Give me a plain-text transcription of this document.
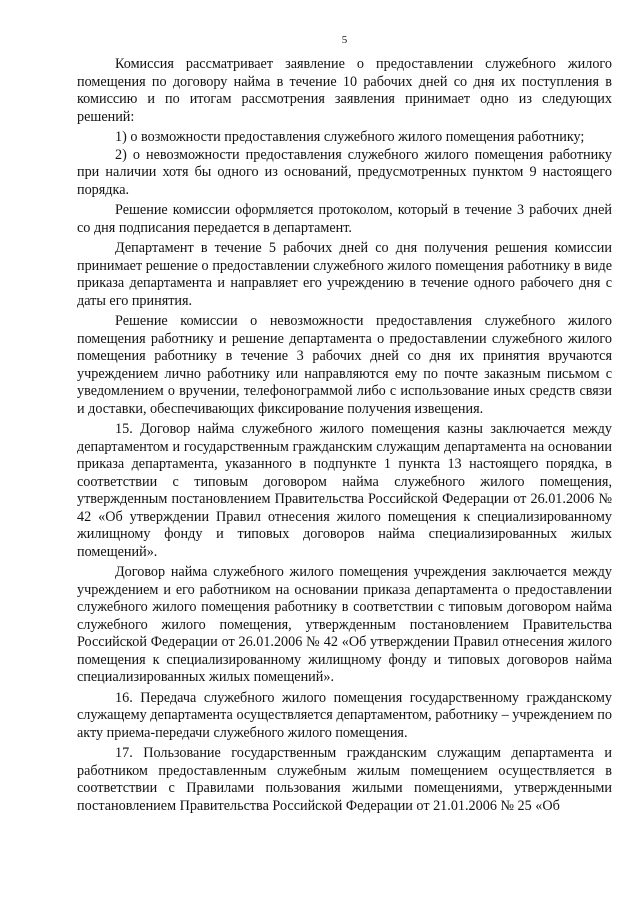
5

Комиссия рассматривает заявление о предоставлении служебного жилого помещения по договору найма в течение 10 рабочих дней со дня их поступления в комиссию и по итогам рассмотрения заявления принимает одно из следующих решений:

1) о возможности предоставления служебного жилого помещения работнику;

2) о невозможности предоставления служебного жилого помещения работнику при наличии хотя бы одного из оснований, предусмотренных пунктом 9 настоящего порядка.

Решение комиссии оформляется протоколом, который в течение 3 рабочих дней со дня подписания передается в департамент.

Департамент в течение 5 рабочих дней со дня получения решения комиссии принимает решение о предоставлении служебного жилого помещения работнику в виде приказа департамента и направляет его учреждению в течение одного рабочего дня с даты его принятия.

Решение комиссии о невозможности предоставления служебного жилого помещения работнику и решение департамента о предоставлении служебного жилого помещения работнику в течение 3 рабочих дней со дня их принятия вручаются учреждением лично работнику или направляются ему по почте заказным письмом с уведомлением о вручении, телефонограммой либо с использование иных средств связи и доставки, обеспечивающих фиксирование получения извещения.

15. Договор найма служебного жилого помещения казны заключается между департаментом и государственным гражданским служащим департамента на основании приказа департамента, указанного в подпункте 1 пункта 13 настоящего порядка, в соответствии с типовым договором найма служебного жилого помещения, утвержденным постановлением Правительства Российской Федерации от 26.01.2006 № 42 «Об утверждении Правил отнесения жилого помещения к специализированному жилищному фонду и типовых договоров найма специализированных жилых помещений».

Договор найма служебного жилого помещения учреждения заключается между учреждением и его работником на основании приказа департамента о предоставлении служебного жилого помещения работнику в соответствии с типовым договором найма служебного жилого помещения, утвержденным постановлением Правительства Российской Федерации от 26.01.2006 № 42 «Об утверждении Правил отнесения жилого помещения к специализированному жилищному фонду и типовых договоров найма специализированных жилых помещений».

16. Передача служебного жилого помещения государственному гражданскому служащему департамента осуществляется департаментом, работнику – учреждением по акту приема-передачи служебного жилого помещения.

17. Пользование государственным гражданским служащим департамента и работником предоставленным служебным жилым помещением осуществляется в соответствии с Правилами пользования жилыми помещениями, утвержденными постановлением Правительства Российской Федерации от 21.01.2006 № 25 «Об
